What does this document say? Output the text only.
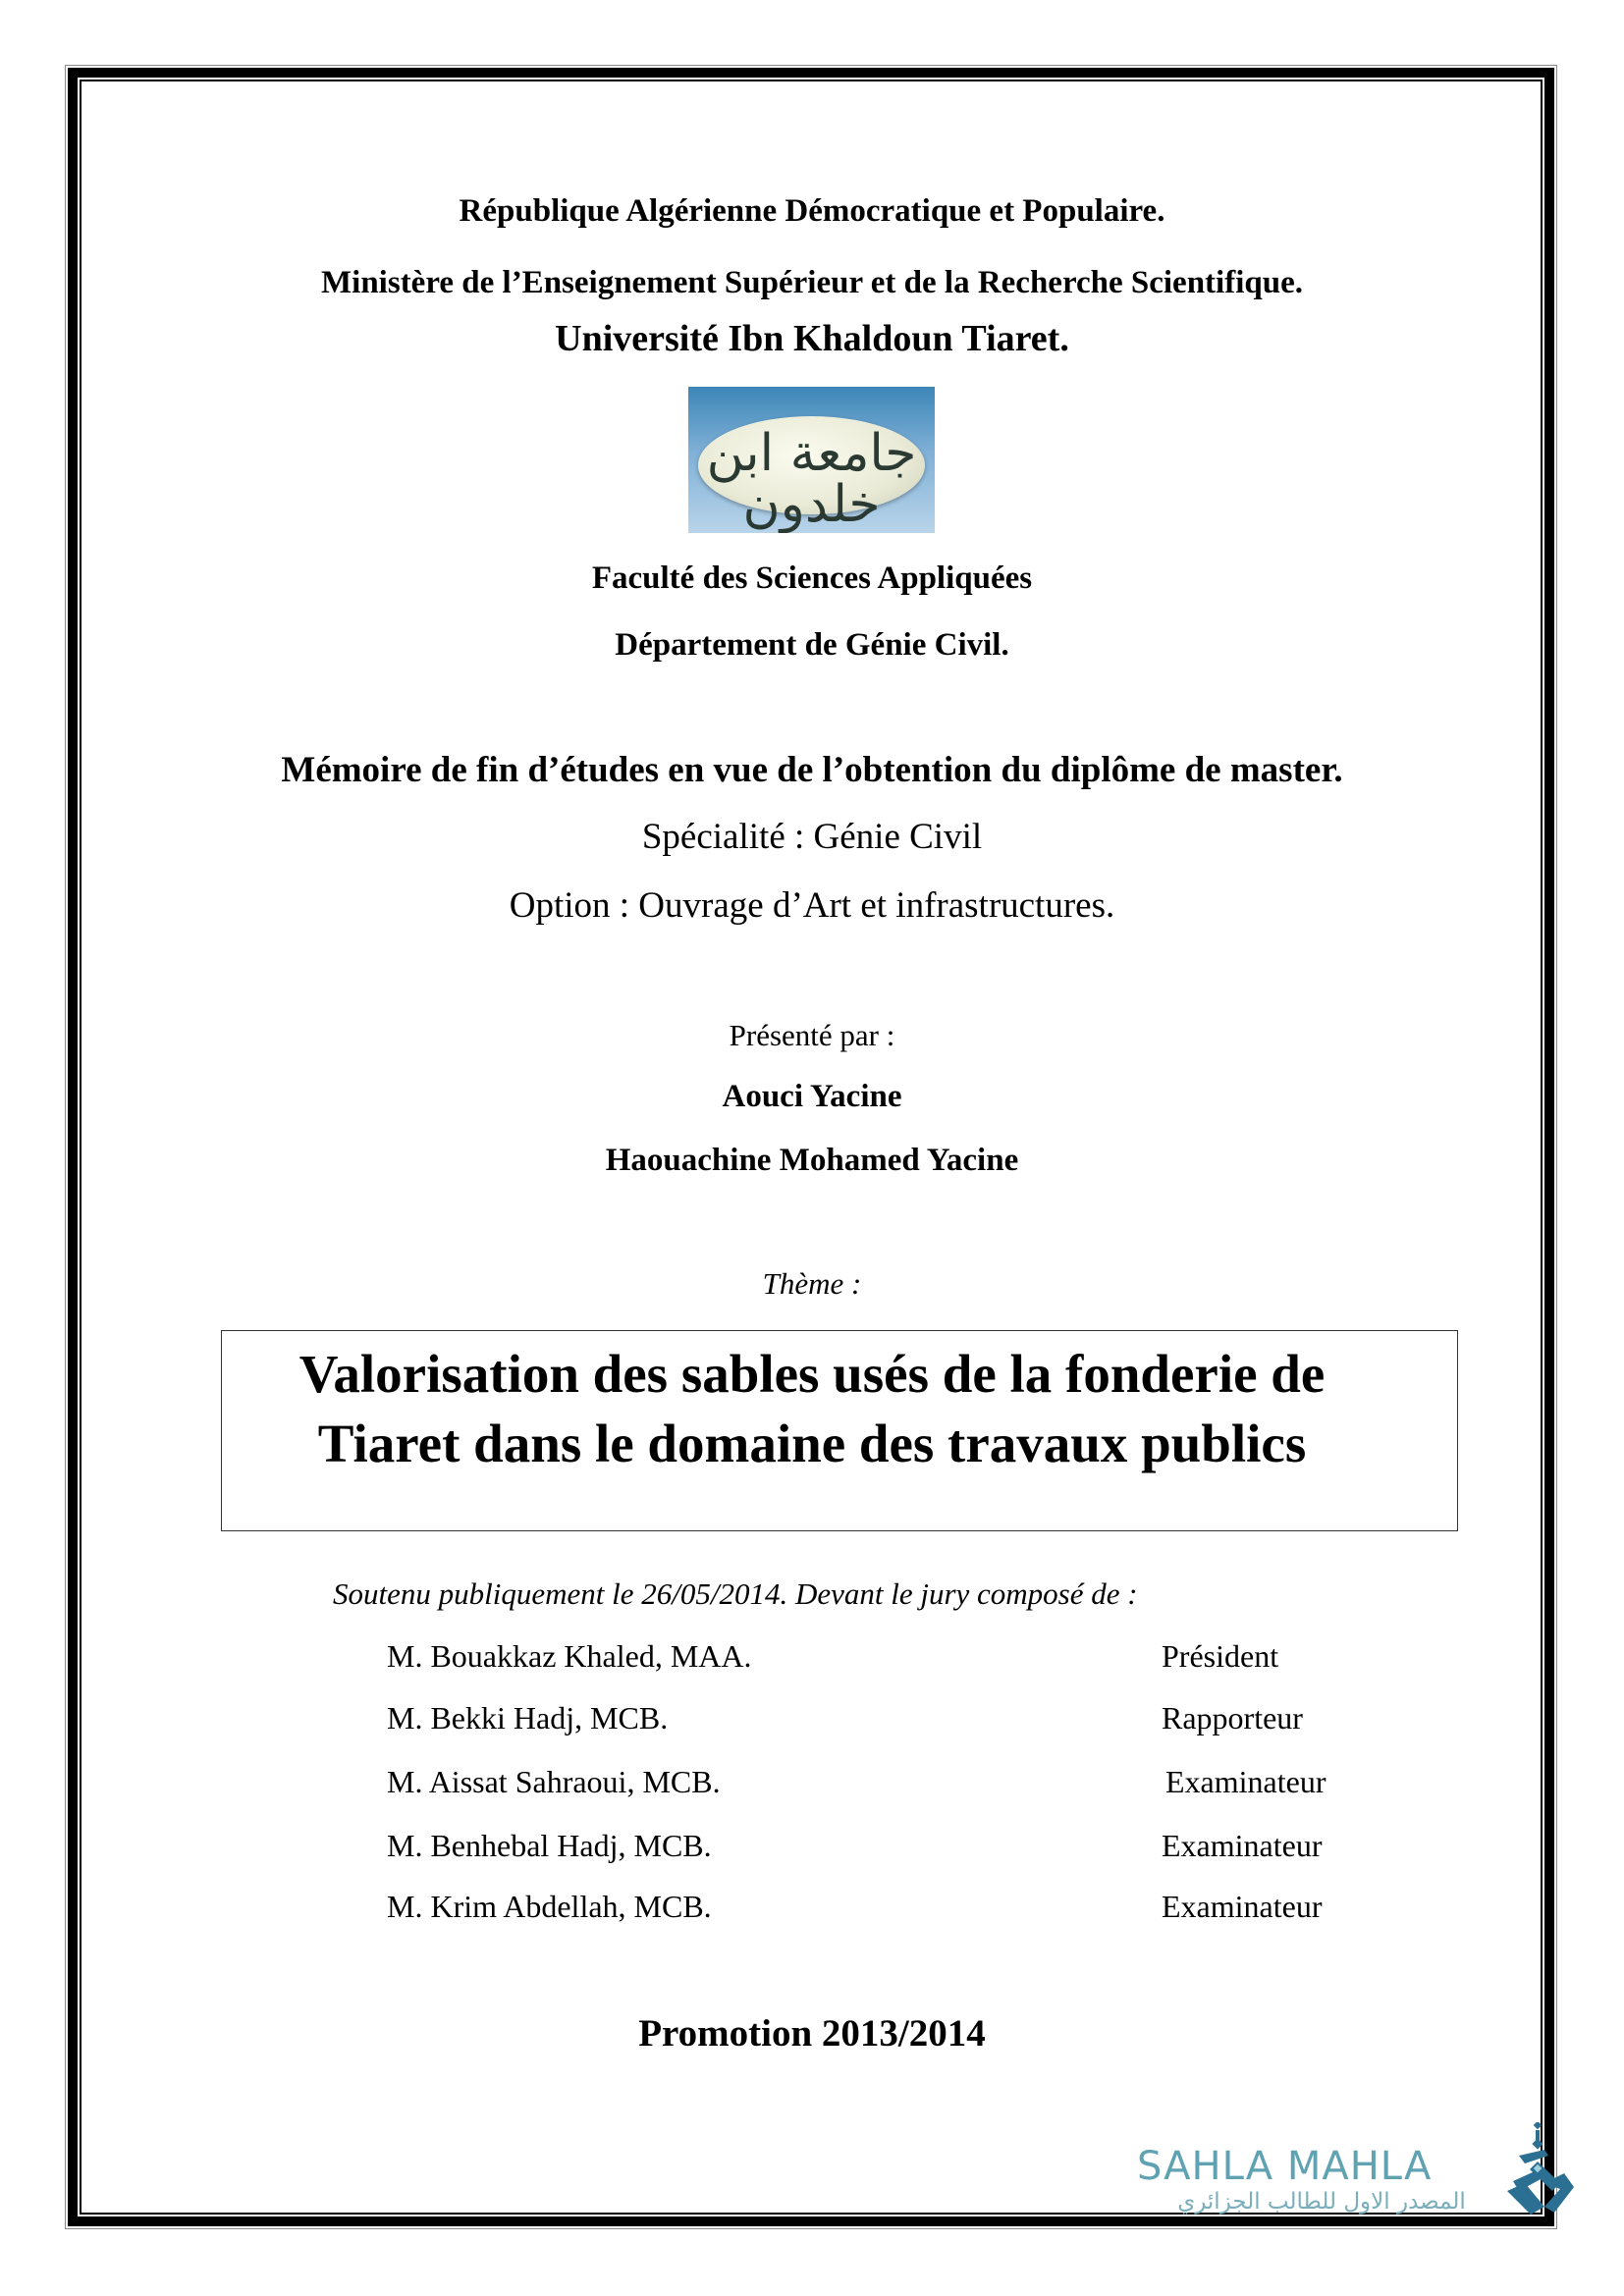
République Algérienne Démocratique et Populaire.
Ministère de l’Enseignement Supérieur et de la Recherche Scientifique.
Université Ibn Khaldoun Tiaret.
جامعة ابن خلدون
Faculté des Sciences Appliquées
Département de Génie Civil.
Mémoire de fin d’études en vue de l’obtention du diplôme de master.
Spécialité : Génie Civil
Option : Ouvrage d’Art et infrastructures.
Présenté par :
Aouci Yacine
Haouachine Mohamed Yacine
Thème :
Valorisation des sables usés de la fonderie de
Tiaret dans le domaine des travaux publics
Soutenu publiquement le 26/05/2014. Devant le jury composé de :
M. Bouakkaz Khaled, MAA.	Président
M. Bekki Hadj, MCB.	Rapporteur
M. Aissat Sahraoui, MCB.	Examinateur
M. Benhebal Hadj, MCB.	Examinateur
M. Krim Abdellah, MCB.	Examinateur
Promotion 2013/2014
SAHLA MAHLA
المصدر الاول للطالب الجزائري
